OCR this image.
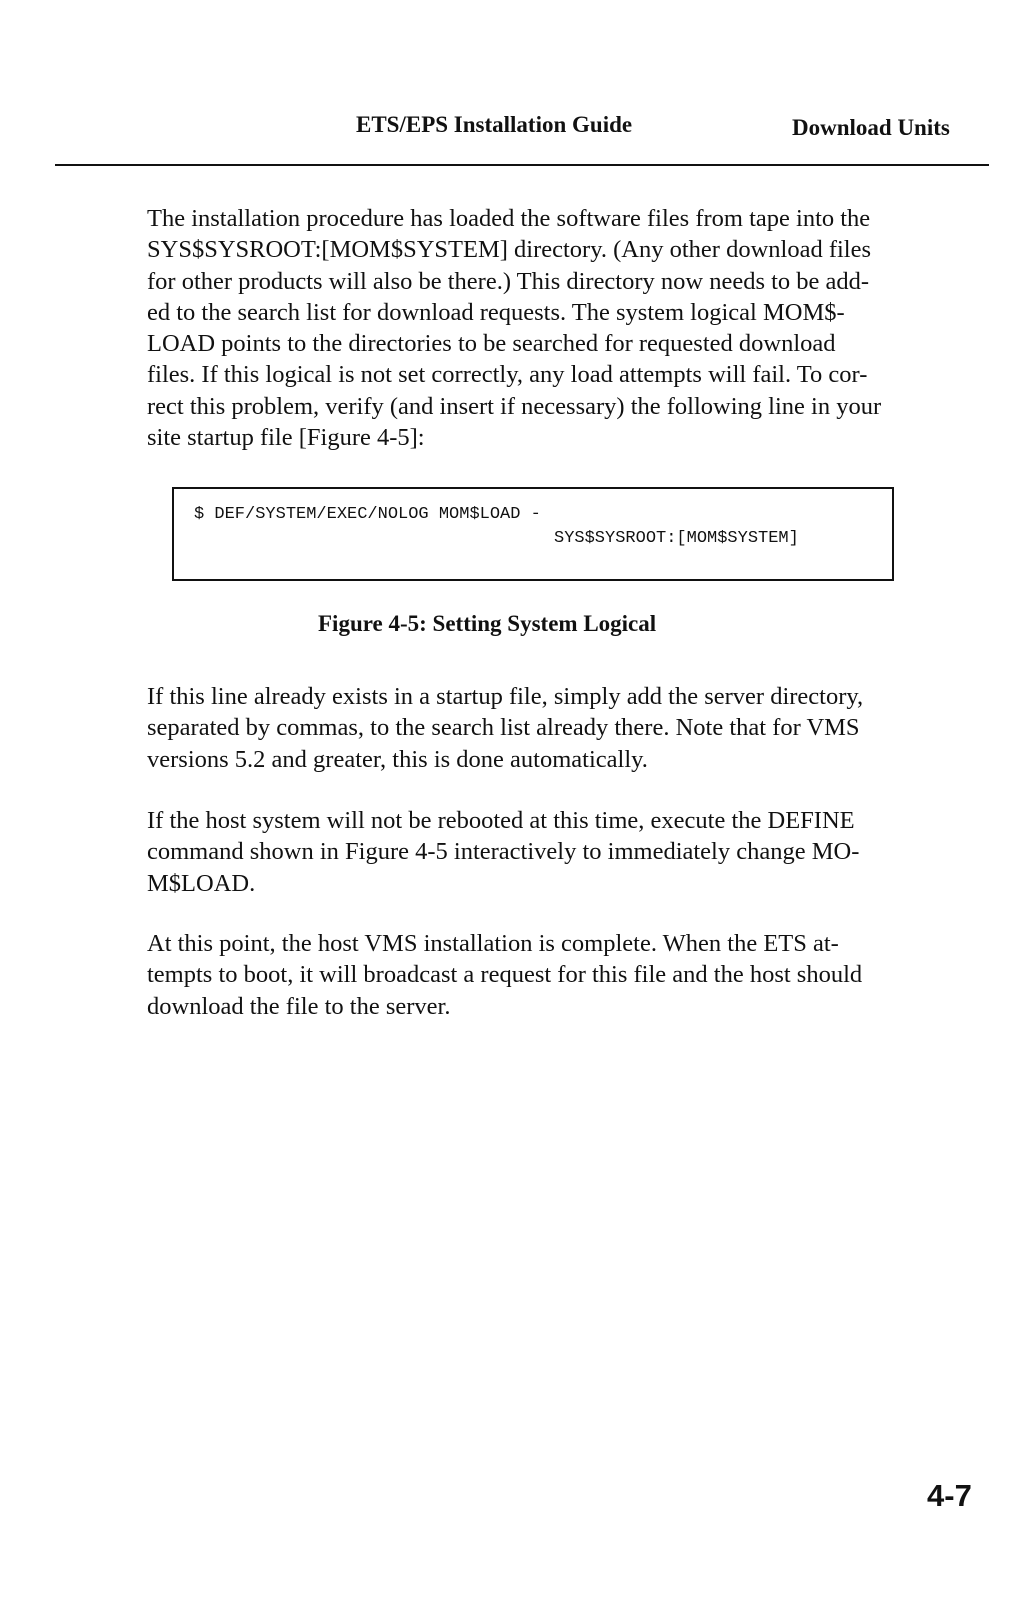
ETS/EPS Installation Guide	Download Units
The installation procedure has loaded the software files from tape into the
SYS$SYSROOT:[MOM$SYSTEM] directory. (Any other download files
for other products will also be there.) This directory now needs to be add-
ed to the search list for download requests. The system logical MOM$-
LOAD points to the directories to be searched for requested download
files. If this logical is not set correctly, any load attempts will fail. To cor-
rect this problem, verify (and insert if necessary) the following line in your
site startup file [Figure 4-5]:
$ DEF/SYSTEM/EXEC/NOLOG MOM$LOAD -
SYS$SYSROOT:[MOM$SYSTEM]
Figure 4-5: Setting System Logical
If this line already exists in a startup file, simply add the server directory,
separated by commas, to the search list already there. Note that for VMS
versions 5.2 and greater, this is done automatically.
If the host system will not be rebooted at this time, execute the DEFINE
command shown in Figure 4-5 interactively to immediately change MO-
M$LOAD.
At this point, the host VMS installation is complete. When the ETS at-
tempts to boot, it will broadcast a request for this file and the host should
download the file to the server.
4-7
